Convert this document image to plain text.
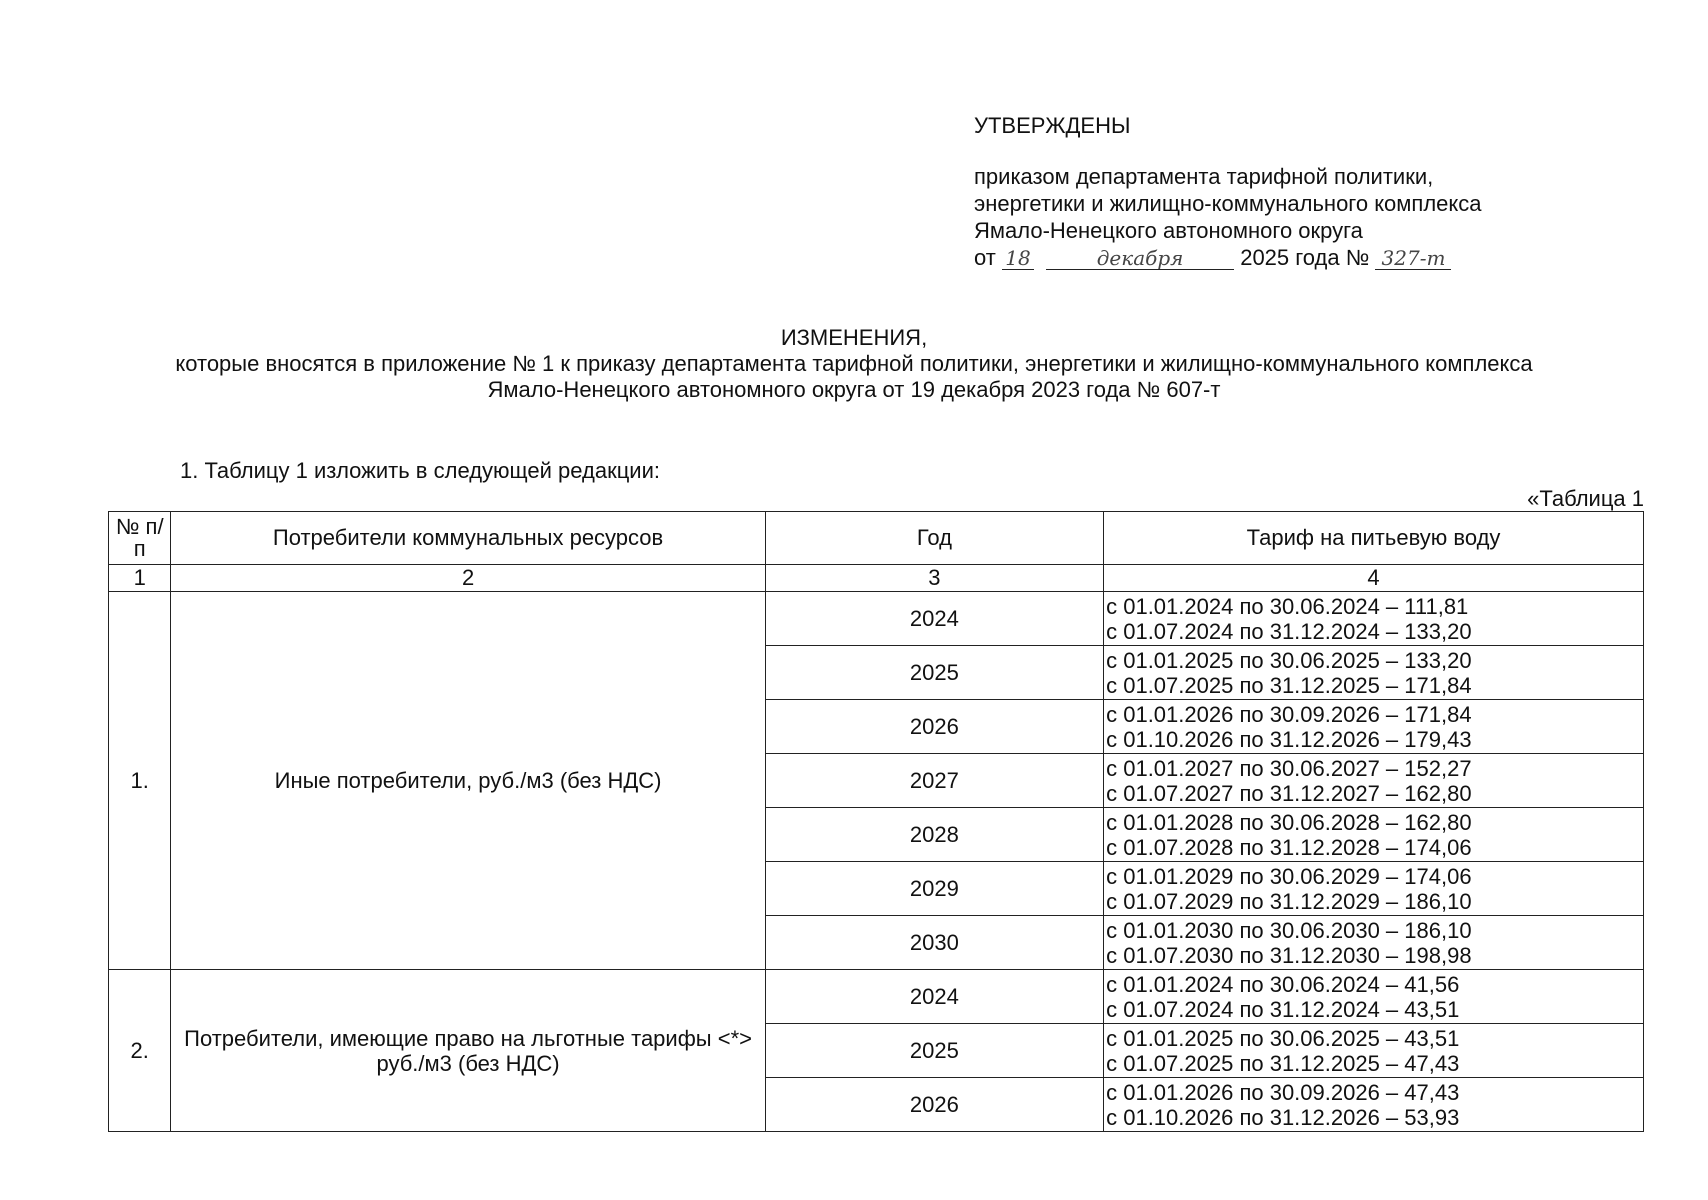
УТВЕРЖДЕНЫ
приказом департамента тарифной политики,
энергетики и жилищно-коммунального комплекса
Ямало-Ненецкого автономного округа
от 18	декабря	2025 года № 327-т
ИЗМЕНЕНИЯ,
которые вносятся в приложение № 1 к приказу департамента тарифной политики, энергетики и жилищно-коммунального комплекса
Ямало-Ненецкого автономного округа от 19 декабря 2023 года № 607-т
1. Таблицу 1 изложить в следующей редакции:
«Таблица 1
№ п/п	Потребители коммунальных ресурсов	Год	Тариф на питьевую воду
1	2	3	4
1.	Иные потребители, руб./м3 (без НДС)	2024	с 01.01.2024 по 30.06.2024 – 111,81
с 01.07.2024 по 31.12.2024 – 133,20

		2025	с 01.01.2025 по 30.06.2025 – 133,20
с 01.07.2025 по 31.12.2025 – 171,84

		2026	с 01.01.2026 по 30.09.2026 – 171,84
с 01.10.2026 по 31.12.2026 – 179,43

		2027	с 01.01.2027 по 30.06.2027 – 152,27
с 01.07.2027 по 31.12.2027 – 162,80

		2028	с 01.01.2028 по 30.06.2028 – 162,80
с 01.07.2028 по 31.12.2028 – 174,06

		2029	с 01.01.2029 по 30.06.2029 – 174,06
с 01.07.2029 по 31.12.2029 – 186,10

		2030	с 01.01.2030 по 30.06.2030 – 186,10
с 01.07.2030 по 31.12.2030 – 198,98

2.	Потребители, имеющие право на льготные тарифы <*> руб./м3 (без НДС)	2024	с 01.01.2024 по 30.06.2024 – 41,56
с 01.07.2024 по 31.12.2024 – 43,51

		2025	с 01.01.2025 по 30.06.2025 – 43,51
с 01.07.2025 по 31.12.2025 – 47,43

		2026	с 01.01.2026 по 30.09.2026 – 47,43
с 01.10.2026 по 31.12.2026 – 53,93
